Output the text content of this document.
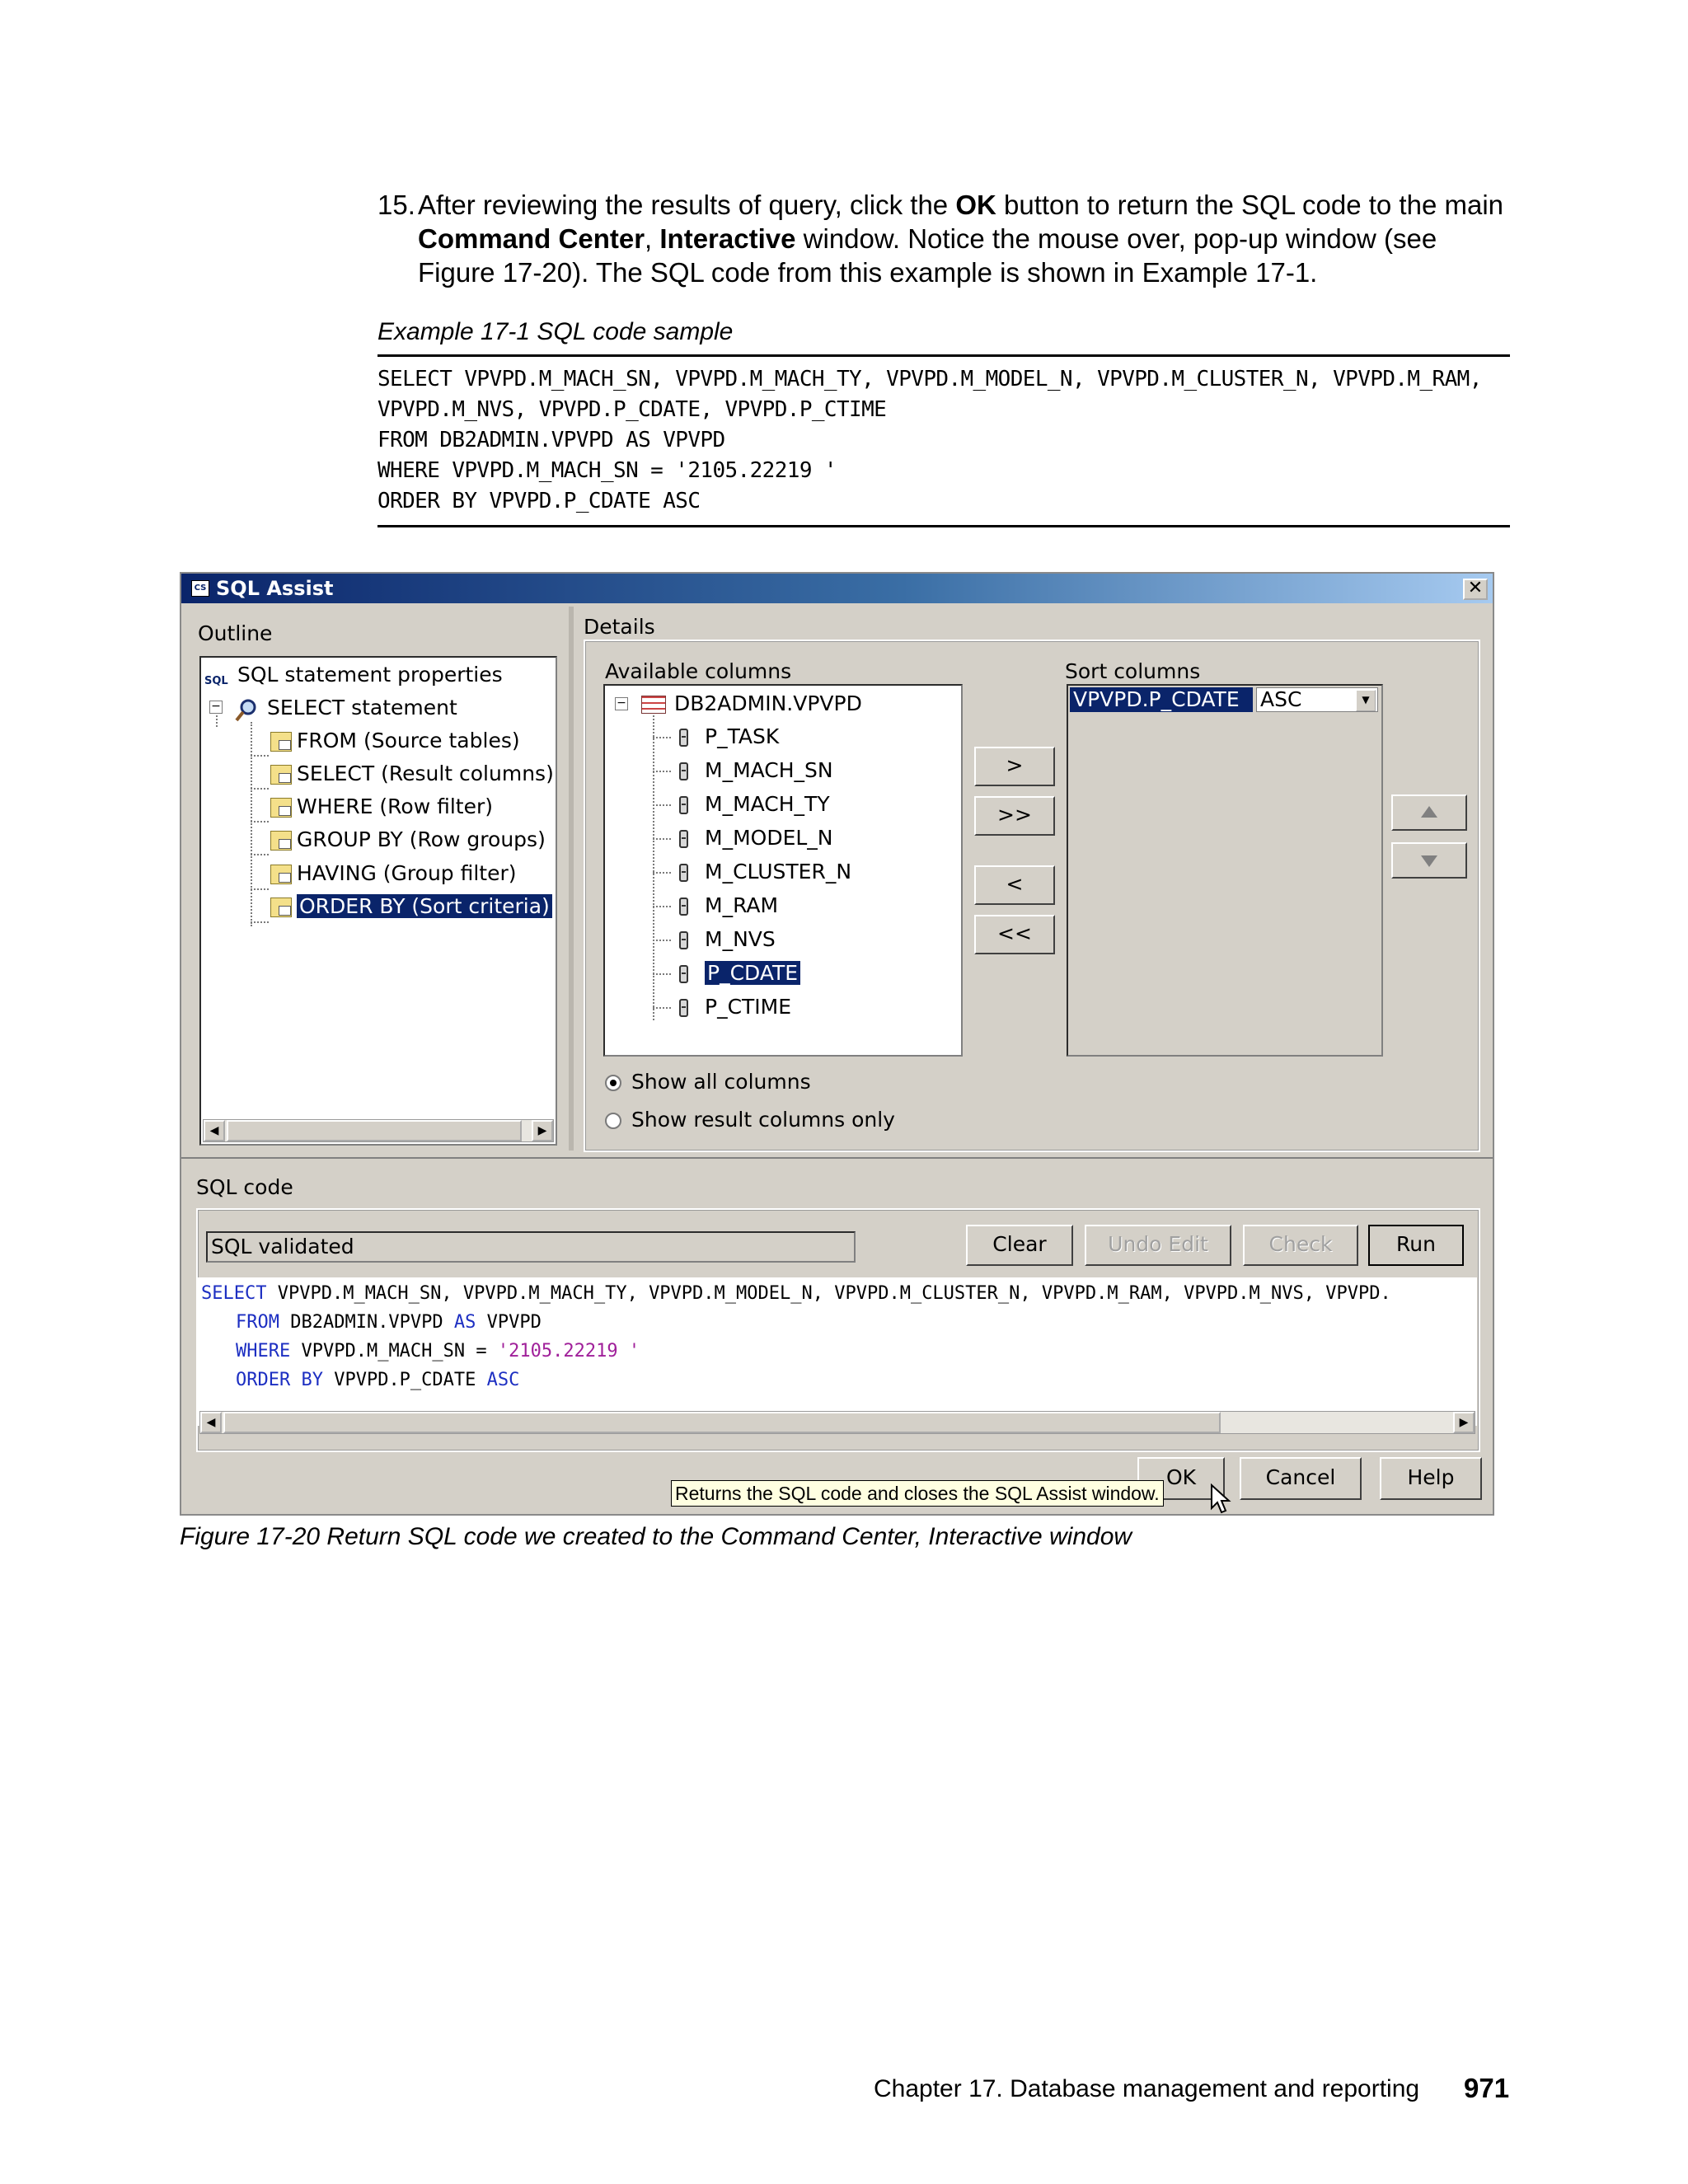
15. After reviewing the results of query, click the OK button to return the SQL code to the main Command Center, Interactive window. Notice the mouse over, pop-up window (see Figure 17-20). The SQL code from this example is shown in Example 17-1.
Example 17-1 SQL code sample
SELECT VPVPD.M_MACH_SN, VPVPD.M_MACH_TY, VPVPD.M_MODEL_N, VPVPD.M_CLUSTER_N, VPVPD.M_RAM,
VPVPD.M_NVS, VPVPD.P_CDATE, VPVPD.P_CTIME
FROM DB2ADMIN.VPVPD AS VPVPD
WHERE VPVPD.M_MACH_SN = '2105.22219 '
ORDER BY VPVPD.P_CDATE ASC
CS SQL Assist	✕
Outline
SQL SQL statement properties
−	SELECT statement
FROM (Source tables)
SELECT (Result columns)
WHERE (Row filter)
GROUP BY (Row groups)
HAVING (Group filter)
ORDER BY (Sort criteria)
◀	▶
Details
Available columns
−	DB2ADMIN.VPVPD
P_TASK
M_MACH_SN
M_MACH_TY
M_MODEL_N
M_CLUSTER_N
M_RAM
M_NVS
P_CDATE
P_CTIME
>
>>
<
<<
Sort columns
VPVPD.P_CDATE	ASC	▼
Show all columns
Show result columns only
SQL code
SQL validated	Clear	Undo Edit	Check	Run
SELECT VPVPD.M_MACH_SN, VPVPD.M_MACH_TY, VPVPD.M_MODEL_N, VPVPD.M_CLUSTER_N, VPVPD.M_RAM, VPVPD.M_NVS, VPVPD.
FROM DB2ADMIN.VPVPD AS VPVPD
WHERE VPVPD.M_MACH_SN = '2105.22219 '
ORDER BY VPVPD.P_CDATE ASC
◀	▶
OK	Cancel	Help
Returns the SQL code and closes the SQL Assist window.
Figure 17-20 Return SQL code we created to the Command Center, Interactive window
Chapter 17. Database management and reporting 971
